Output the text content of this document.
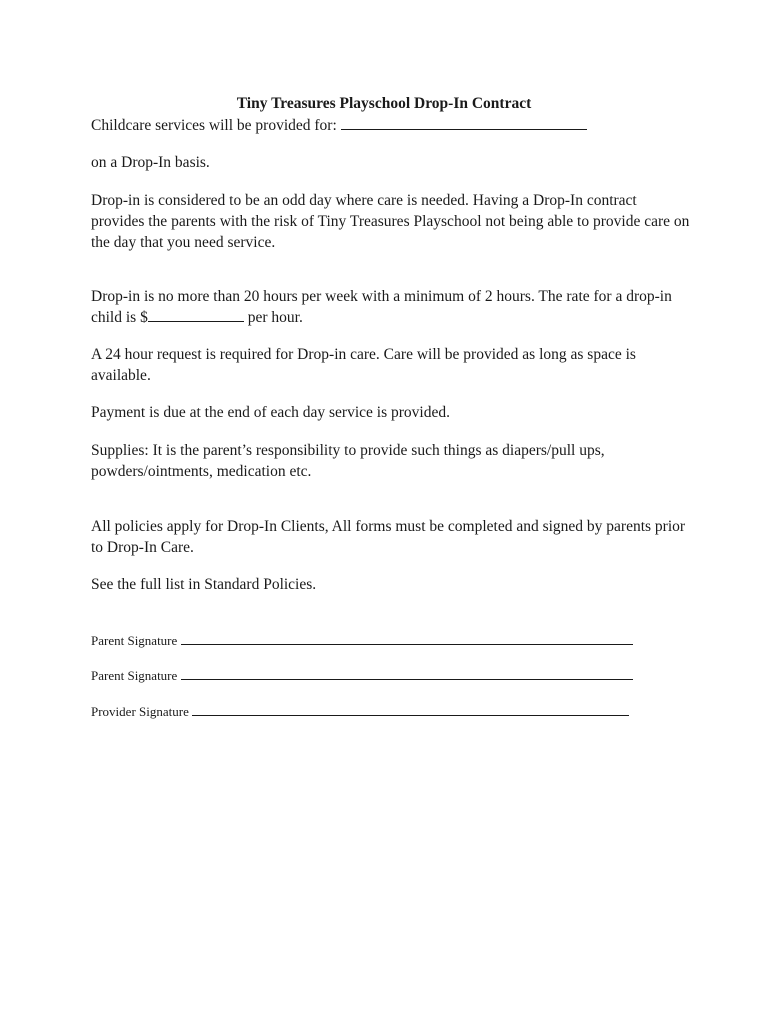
Tiny Treasures Playschool Drop-In Contract
Childcare services will be provided for:
on a Drop-In basis.
Drop-in is considered to be an odd day where care is needed. Having a Drop-In contract provides the parents with the risk of Tiny Treasures Playschool not being able to provide care on the day that you need service.
Drop-in is no more than 20 hours per week with a minimum of 2 hours. The rate for a drop-in child is $	per hour.
A 24 hour request is required for Drop-in care. Care will be provided as long as space is available.
Payment is due at the end of each day service is provided.
Supplies: It is the parent’s responsibility to provide such things as diapers/pull ups, powders/ointments, medication etc.
All policies apply for Drop-In Clients, All forms must be completed and signed by parents prior to Drop-In Care.
See the full list in Standard Policies.
Parent Signature
Parent Signature
Provider Signature
